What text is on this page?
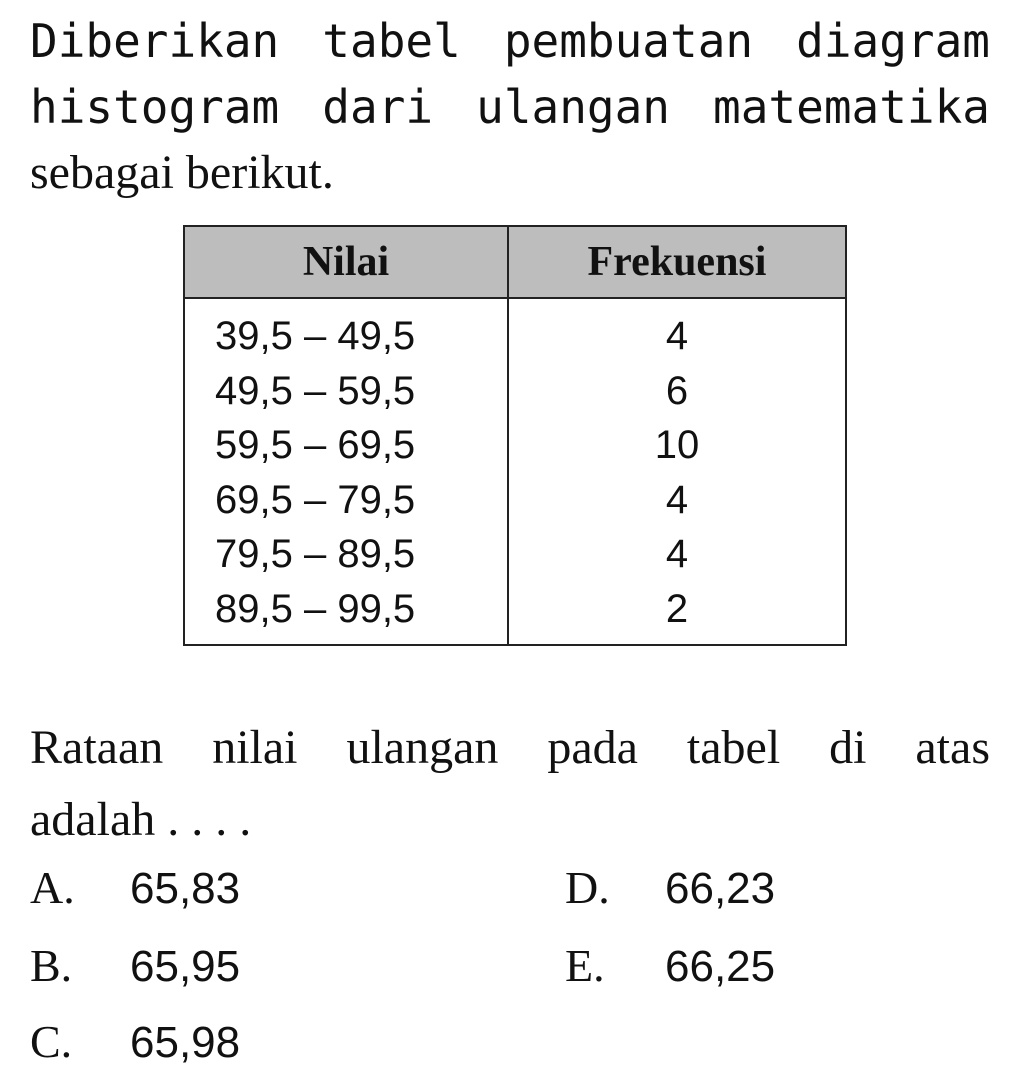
Diberikan tabel pembuatan diagram
histogram dari ulangan matematika
sebagai berikut.
Nilai	Frekuensi
39,5 – 49,5	4
49,5 – 59,5	6
59,5 – 69,5	10
69,5 – 79,5	4
79,5 – 89,5	4
89,5 – 99,5	2
Rataan nilai ulangan pada tabel di atas
adalah . . . .
A. 65,83
B. 65,95
C. 65,98
D. 66,23
E. 66,25
